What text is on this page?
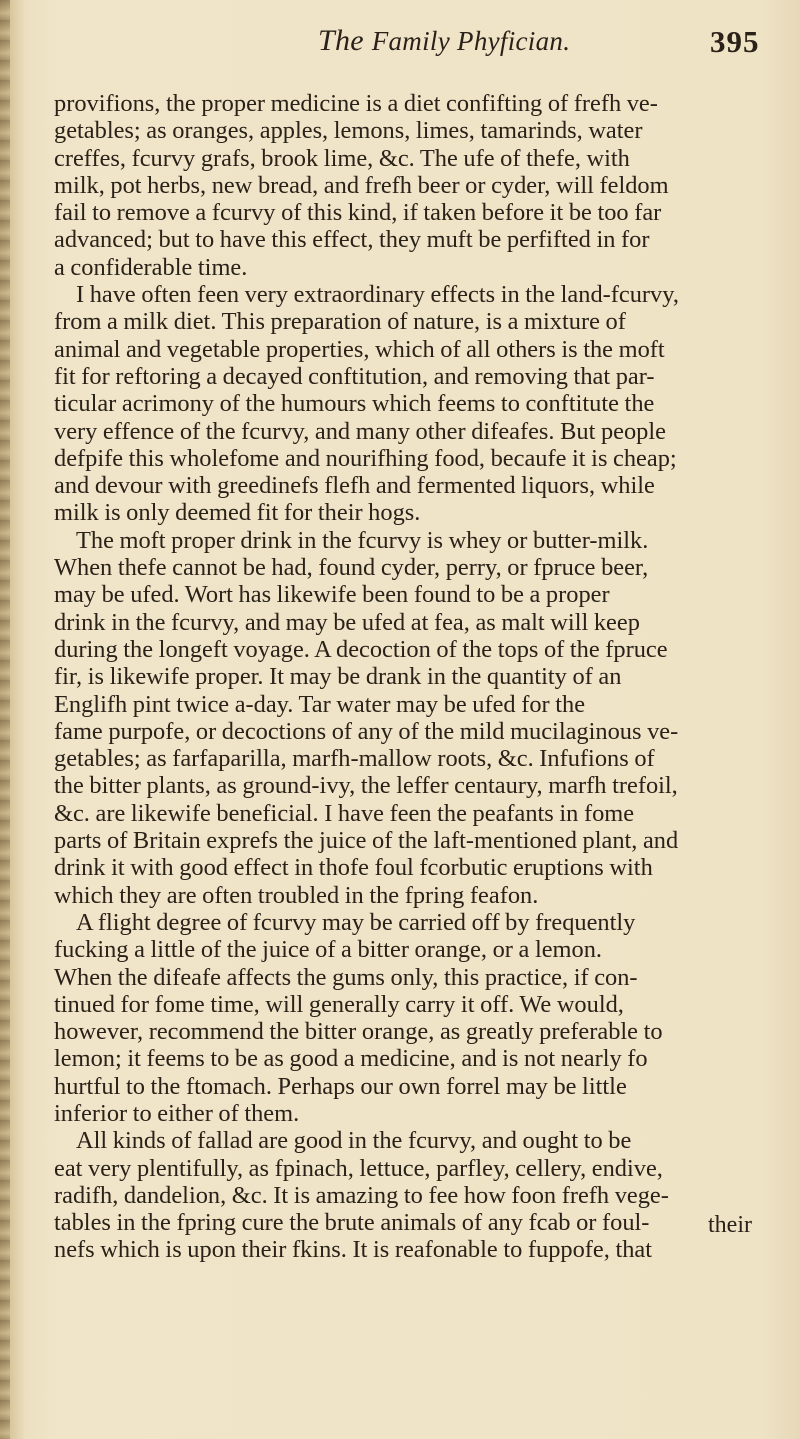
The Family Phyfician.	395
provifions, the proper medicine is a diet confifting of frefh ve-
getables; as oranges, apples, lemons, limes, tamarinds, water
creffes, fcurvy grafs, brook lime, &c. The ufe of thefe, with
milk, pot herbs, new bread, and frefh beer or cyder, will feldom
fail to remove a fcurvy of this kind, if taken before it be too far
advanced; but to have this effect, they muft be perfifted in for
a confiderable time.
I have often feen very extraordinary effects in the land-fcurvy,
from a milk diet. This preparation of nature, is a mixture of
animal and vegetable properties, which of all others is the moft
fit for reftoring a decayed conftitution, and removing that par-
ticular acrimony of the humours which feems to conftitute the
very effence of the fcurvy, and many other difeafes. But people
defpife this wholefome and nourifhing food, becaufe it is cheap;
and devour with greedinefs flefh and fermented liquors, while
milk is only deemed fit for their hogs.
The moft proper drink in the fcurvy is whey or butter-milk.
When thefe cannot be had, found cyder, perry, or fpruce beer,
may be ufed. Wort has likewife been found to be a proper
drink in the fcurvy, and may be ufed at fea, as malt will keep
during the longeft voyage. A decoction of the tops of the fpruce
fir, is likewife proper. It may be drank in the quantity of an
Englifh pint twice a-day. Tar water may be ufed for the
fame purpofe, or decoctions of any of the mild mucilaginous ve-
getables; as farfaparilla, marfh-mallow roots, &c. Infufions of
the bitter plants, as ground-ivy, the leffer centaury, marfh trefoil,
&c. are likewife beneficial. I have feen the peafants in fome
parts of Britain exprefs the juice of the laft-mentioned plant, and
drink it with good effect in thofe foul fcorbutic eruptions with
which they are often troubled in the fpring feafon.
A flight degree of fcurvy may be carried off by frequently
fucking a little of the juice of a bitter orange, or a lemon.
When the difeafe affects the gums only, this practice, if con-
tinued for fome time, will generally carry it off. We would,
however, recommend the bitter orange, as greatly preferable to
lemon; it feems to be as good a medicine, and is not nearly fo
hurtful to the ftomach. Perhaps our own forrel may be little
inferior to either of them.
All kinds of fallad are good in the fcurvy, and ought to be
eat very plentifully, as fpinach, lettuce, parfley, cellery, endive,
radifh, dandelion, &c. It is amazing to fee how foon frefh vege-
tables in the fpring cure the brute animals of any fcab or foul-
nefs which is upon their fkins. It is reafonable to fuppofe, that
their
